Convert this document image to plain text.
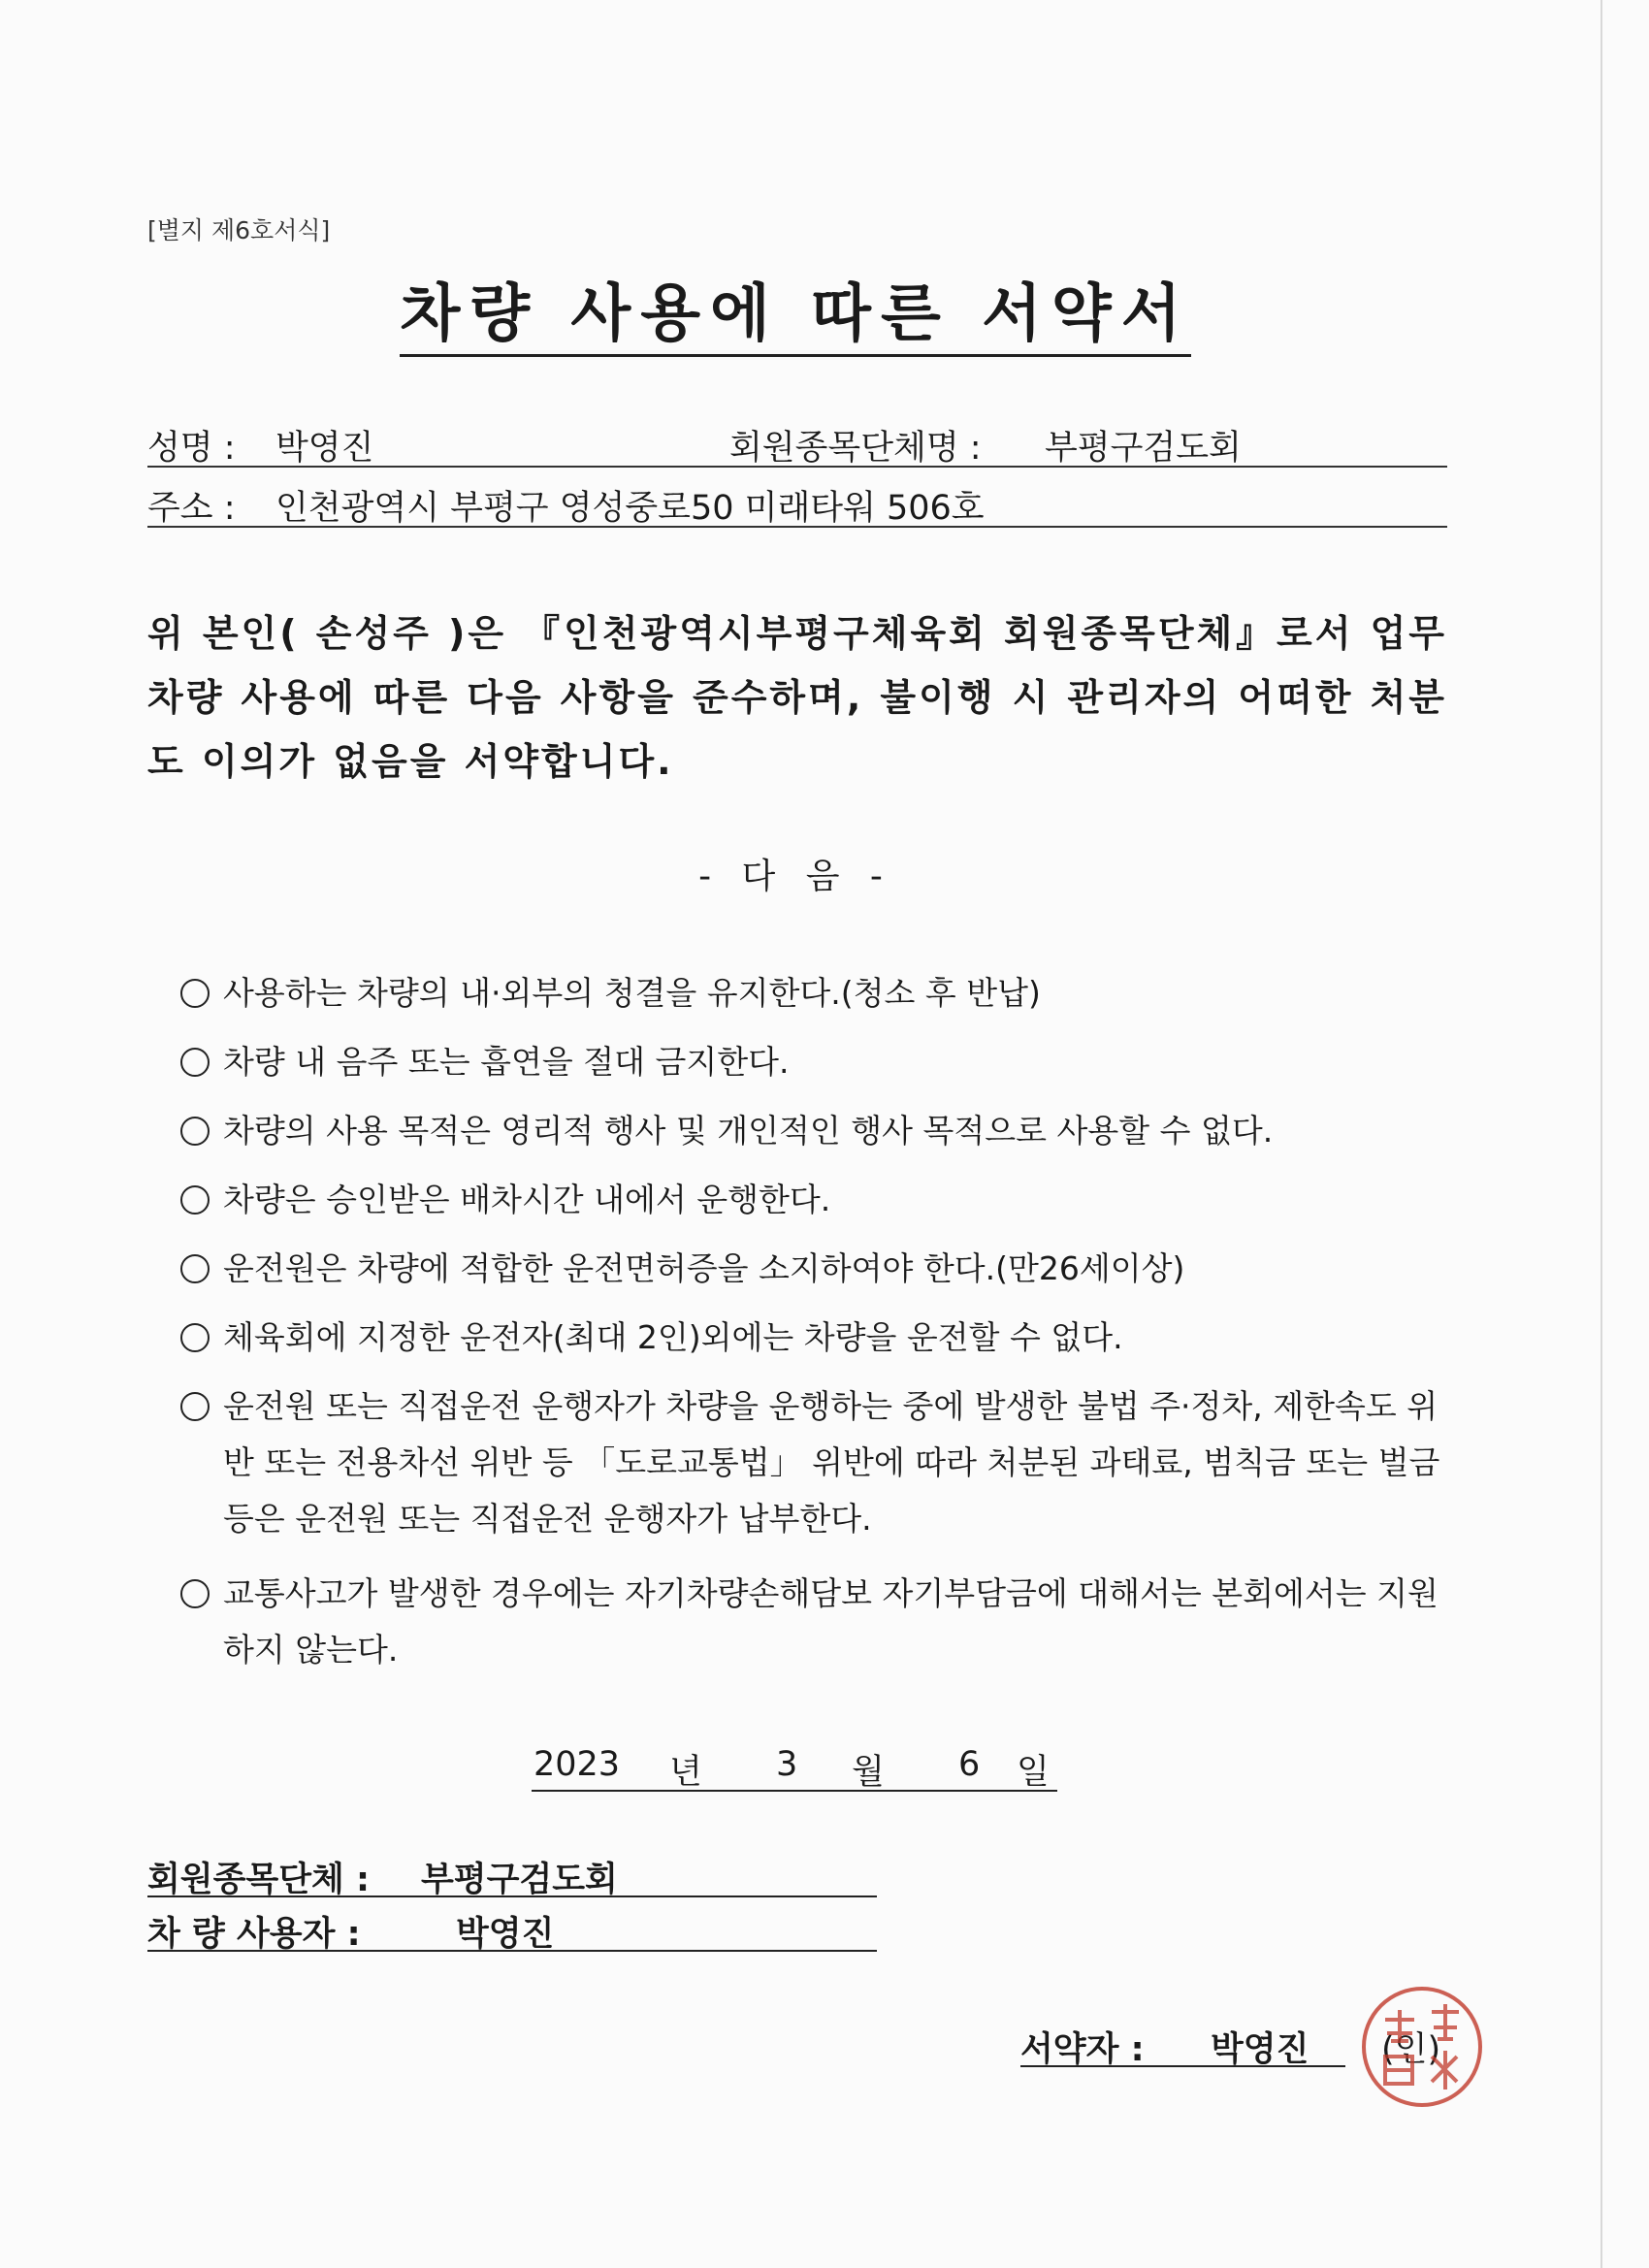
[별지 제6호서식]
차량 사용에 따른 서약서
성명 : 박영진	회원종목단체명 : 부평구검도회
주소 : 인천광역시 부평구 영성중로50 미래타워 506호
위 본인( 손성주 )은 『인천광역시부평구체육회 회원종목단체』로서 업무차량 사용에 따른 다음 사항을 준수하며, 불이행 시 관리자의 어떠한 처분도 이의가 없음을 서약합니다.
- 다 음 -
사용하는 차량의 내·외부의 청결을 유지한다.(청소 후 반납)
차량 내 음주 또는 흡연을 절대 금지한다.
차량의 사용 목적은 영리적 행사 및 개인적인 행사 목적으로 사용할 수 없다.
차량은 승인받은 배차시간 내에서 운행한다.
운전원은 차량에 적합한 운전면허증을 소지하여야 한다.(만26세이상)
체육회에 지정한 운전자(최대 2인)외에는 차량을 운전할 수 없다.
운전원 또는 직접운전 운행자가 차량을 운행하는 중에 발생한 불법 주·정차, 제한속도 위반 또는 전용차선 위반 등 「도로교통법」 위반에 따라 처분된 과태료, 범칙금 또는 벌금 등은 운전원 또는 직접운전 운행자가 납부한다.
교통사고가 발생한 경우에는 자기차량손해담보 자기부담금에 대해서는 본회에서는 지원하지 않는다.
2023 년 3 월 6 일
회원종목단체 : 부평구검도회
차 량 사용자 :	박영진
서약자 : 박영진 (인)
